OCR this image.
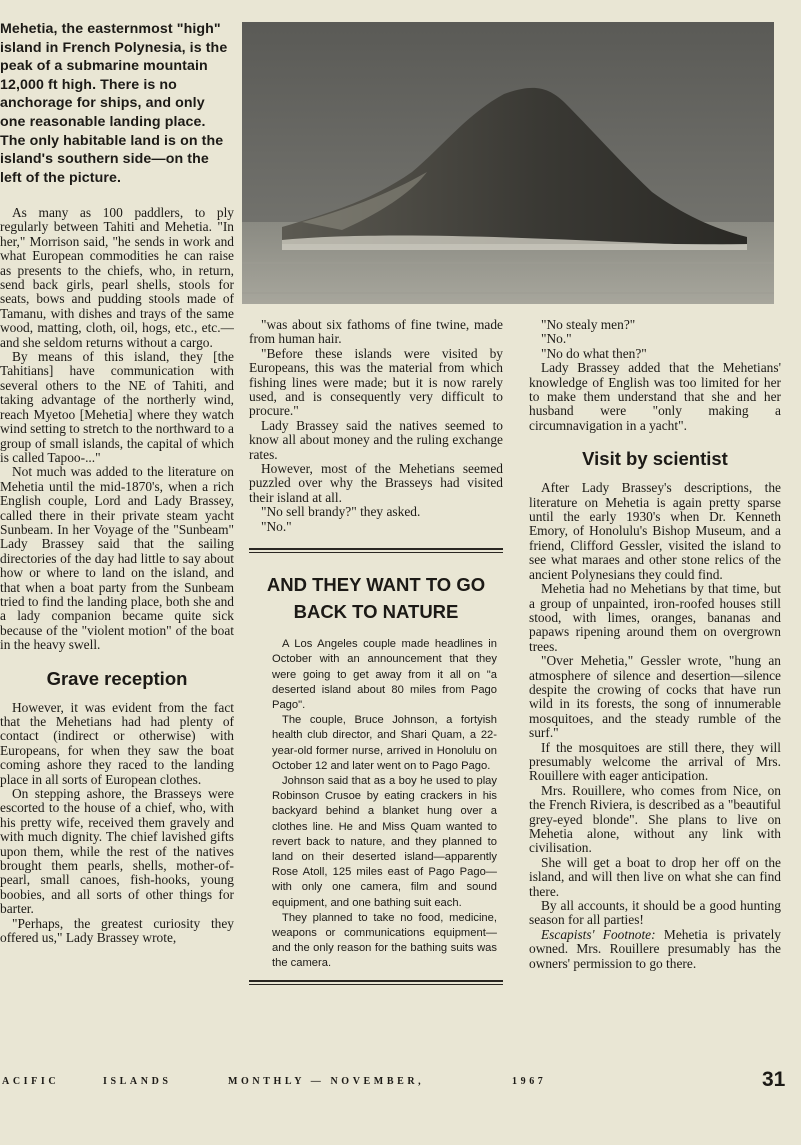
Mehetia, the easternmost "high" island in French Polynesia, is the peak of a submarine mountain 12,000 ft high. There is no anchorage for ships, and only one reasonable landing place. The only habitable land is on the island's southern side—on the left of the picture.

As many as 100 paddlers, to ply regularly between Tahiti and Mehetia. "In her," Morrison said, "he sends in work and what European commodities he can raise as presents to the chiefs, who, in return, send back girls, pearl shells, stools for seats, bows and pudding stools made of Tamanu, with dishes and trays of the same wood, matting, cloth, oil, hogs, etc., etc.—and she seldom returns without a cargo.

By means of this island, they [the Tahitians] have communication with several others to the NE of Tahiti, and taking advantage of the northerly wind, reach Myetoo [Mehetia] where they watch wind setting to stretch to the northward to a group of small islands, the capital of which is called Tapoo-..."

Not much was added to the literature on Mehetia until the mid-1870's, when a rich English couple, Lord and Lady Brassey, called there in their private steam yacht Sunbeam. In her Voyage of the "Sunbeam" Lady Brassey said that the sailing directories of the day had little to say about how or where to land on the island, and that when a boat party from the Sunbeam tried to find the landing place, both she and a lady companion became quite sick because of the "violent motion" of the boat in the heavy swell.

Grave reception

However, it was evident from the fact that the Mehetians had had plenty of contact (indirect or otherwise) with Europeans, for when they saw the boat coming ashore they raced to the landing place in all sorts of European clothes.

On stepping ashore, the Brasseys were escorted to the house of a chief, who, with his pretty wife, received them gravely and with much dignity. The chief lavished gifts upon them, while the rest of the natives brought them pearls, shells, mother-of-pearl, small canoes, fish-hooks, young boobies, and all sorts of other things for barter.

"Perhaps, the greatest curiosity they offered us," Lady Brassey wrote,

"was about six fathoms of fine twine, made from human hair.

"Before these islands were visited by Europeans, this was the material from which fishing lines were made; but it is now rarely used, and is consequently very difficult to procure."

Lady Brassey said the natives seemed to know all about money and the ruling exchange rates.

However, most of the Mehetians seemed puzzled over why the Brasseys had visited their island at all.

"No sell brandy?" they asked.

"No."

AND THEY WANT TO GO BACK TO NATURE

A Los Angeles couple made headlines in October with an announcement that they were going to get away from it all on "a deserted island about 80 miles from Pago Pago".

The couple, Bruce Johnson, a fortyish health club director, and Shari Quam, a 22-year-old former nurse, arrived in Honolulu on October 12 and later went on to Pago Pago.

Johnson said that as a boy he used to play Robinson Crusoe by eating crackers in his backyard behind a blanket hung over a clothes line. He and Miss Quam wanted to revert back to nature, and they planned to land on their deserted island—apparently Rose Atoll, 125 miles east of Pago Pago—with only one camera, film and sound equipment, and one bathing suit each.

They planned to take no food, medicine, weapons or communications equipment—and the only reason for the bathing suits was the camera.

"No stealy men?"

"No."

"No do what then?"

Lady Brassey added that the Mehetians' knowledge of English was too limited for her to make them understand that she and her husband were "only making a circumnavigation in a yacht".

Visit by scientist

After Lady Brassey's descriptions, the literature on Mehetia is again pretty sparse until the early 1930's when Dr. Kenneth Emory, of Honolulu's Bishop Museum, and a friend, Clifford Gessler, visited the island to see what maraes and other stone relics of the ancient Polynesians they could find.

Mehetia had no Mehetians by that time, but a group of unpainted, iron-roofed houses still stood, with limes, oranges, bananas and papaws ripening around them on overgrown trees.

"Over Mehetia," Gessler wrote, "hung an atmosphere of silence and desertion—silence despite the crowing of cocks that have run wild in its forests, the song of innumerable mosquitoes, and the steady rumble of the surf."

If the mosquitoes are still there, they will presumably welcome the arrival of Mrs. Rouillere with eager anticipation.

Mrs. Rouillere, who comes from Nice, on the French Riviera, is described as a "beautiful grey-eyed blonde". She plans to live on Mehetia alone, without any link with civilisation.

She will get a boat to drop her off on the island, and will then live on what she can find there.

By all accounts, it should be a good hunting season for all parties!

Escapists' Footnote: Mehetia is privately owned. Mrs. Rouillere presumably has the owners' permission to go there.

ACIFIC	ISLANDS	MONTHLY — NOVEMBER,	1967	31
